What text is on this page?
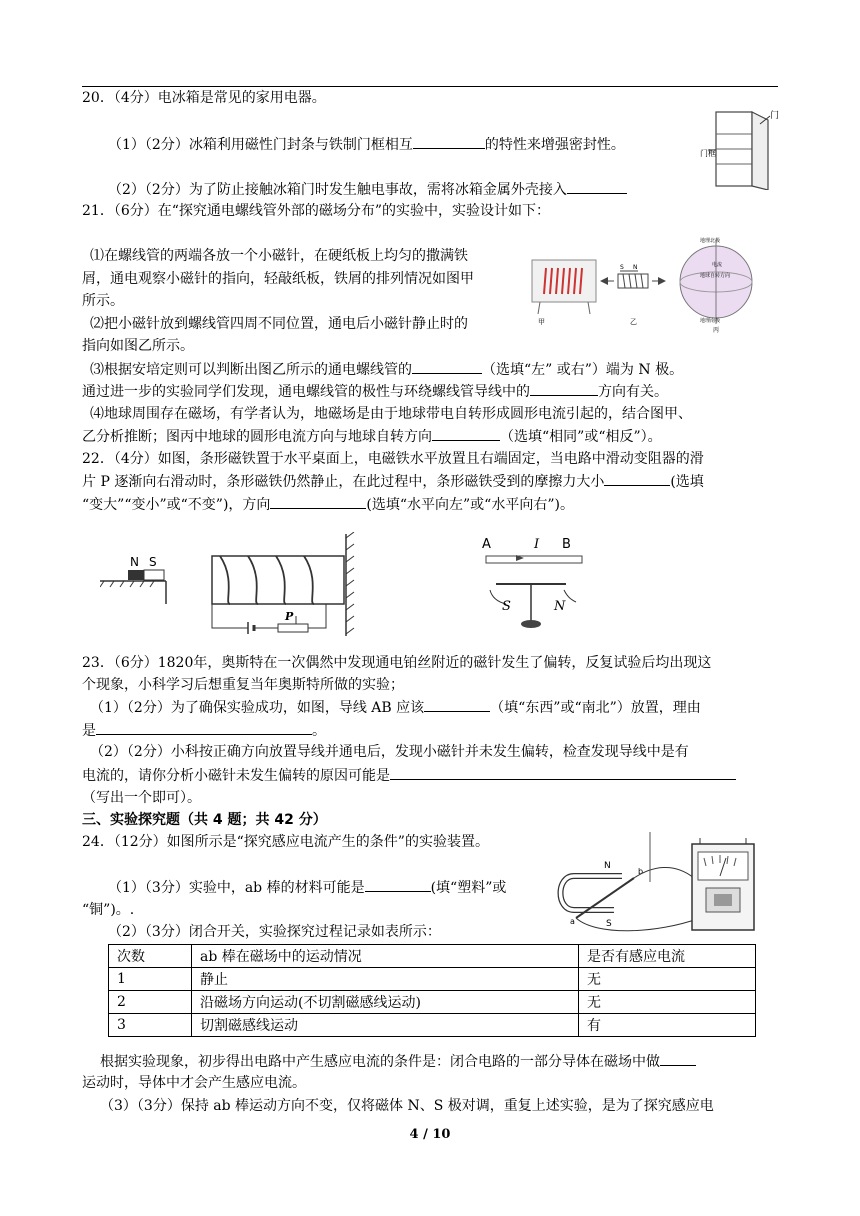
20．（4分）电冰箱是常见的家用电器。
（1）（2分）冰箱利用磁性门封条与铁制门框相互	的特性来增强密封性。
（2）（2分）为了防止接触冰箱门时发生触电事故，需将冰箱金属外壳接入
门
门框
21．（6分）在“探究通电螺线管外部的磁场分布”的实验中，实验设计如下：
⑴在螺线管的两端各放一个小磁针，在硬纸板上均匀的撒满铁
屑，通电观察小磁针的指向，轻敲纸板，铁屑的排列情况如图甲
所示。
⑵把小磁针放到螺线管四周不同位置，通电后小磁针静止时的
指向如图乙所示。
⑶根据安培定则可以判断出图乙所示的通电螺线管的	（选填“左” 或右”）端为 N 极。
通过进一步的实验同学们发现，通电螺线管的极性与环绕螺线管导线中的	方向有关。
⑷地球周围存在磁场，有学者认为，地磁场是由于地球带电自转形成圆形电流引起的，结合图甲、
乙分析推断；图丙中地球的圆形电流方向与地球自转方向	（选填“相同”或“相反”）。
甲
S N
乙
地理北极
电流
地球自转方向
地理南极
丙
22．（4分）如图，条形磁铁置于水平桌面上，电磁铁水平放置且右端固定，当电路中滑动变阻器的滑
片 P 逐渐向右滑动时，条形磁铁仍然静止，在此过程中，条形磁铁受到的摩擦力大小	(选填
“变大”“变小”或“不变”)，方向	(选填“水平向左”或“水平向右”)。
N S
P
A	I B
S	N
23．（6分）1820年，奥斯特在一次偶然中发现通电铂丝附近的磁针发生了偏转，反复试验后均出现这
个现象，小科学习后想重复当年奥斯特所做的实验；
（1）（2分）为了确保实验成功，如图，导线 AB 应该	（填“东西”或“南北”）放置，理由
是	。
（2）（2分）小科按正确方向放置导线并通电后，发现小磁针并未发生偏转，检查发现导线中是有
电流的，请你分析小磁针未发生偏转的原因可能是
（写出一个即可）。
三、实验探究题（共 4 题；共 42 分）
24．（12分）如图所示是“探究感应电流产生的条件”的实验装置。
（1）（3分）实验中，ab 棒的材料可能是	(填“塑料”或
“铜”)。.
（2）（3分）闭合开关，实验探究过程记录如表所示：
N
S
a
b
次数	ab 棒在磁场中的运动情况	是否有感应电流
1	静止	无
2	沿磁场方向运动(不切割磁感线运动)	无
3	切割磁感线运动	有
根据实验现象，初步得出电路中产生感应电流的条件是：闭合电路的一部分导体在磁场中做
运动时，导体中才会产生感应电流。
（3）（3分）保持 ab 棒运动方向不变，仅将磁体 N、S 极对调，重复上述实验，是为了探究感应电
4 / 10
